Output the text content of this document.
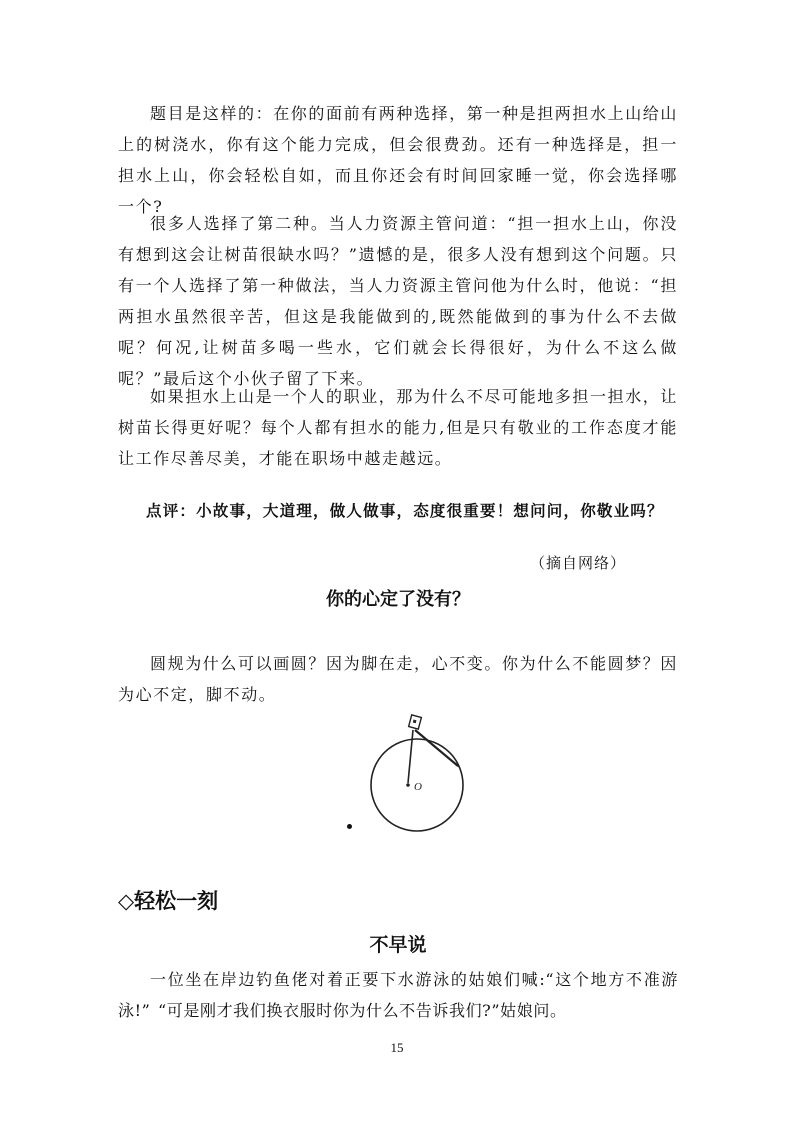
题目是这样的：在你的面前有两种选择，第一种是担两担水上山给山上的树浇水，你有这个能力完成，但会很费劲。还有一种选择是，担一担水上山，你会轻松自如，而且你还会有时间回家睡一觉，你会选择哪一个?

很多人选择了第二种。当人力资源主管问道：“担一担水上山，你没有想到这会让树苗很缺水吗？”遗憾的是，很多人没有想到这个问题。只有一个人选择了第一种做法，当人力资源主管问他为什么时，他说：“担两担水虽然很辛苦，但这是我能做到的,既然能做到的事为什么不去做呢？何况,让树苗多喝一些水，它们就会长得很好，为什么不这么做呢？”最后这个小伙子留了下来。

如果担水上山是一个人的职业，那为什么不尽可能地多担一担水，让树苗长得更好呢？每个人都有担水的能力,但是只有敬业的工作态度才能让工作尽善尽美，才能在职场中越走越远。

点评：小故事，大道理，做人做事，态度很重要！想问问，你敬业吗？

（摘自网络）

你的心定了没有？

圆规为什么可以画圆？因为脚在走，心不变。你为什么不能圆梦？因为心不定，脚不动。

O

◇轻松一刻

不早说

一位坐在岸边钓鱼佬对着正要下水游泳的姑娘们喊:“这个地方不准游泳!” “可是刚才我们换衣服时你为什么不告诉我们?”姑娘问。

15
